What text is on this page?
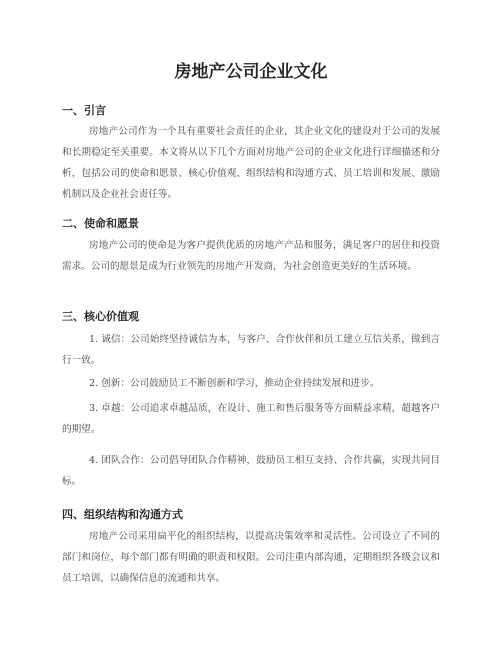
房地产公司企业文化
一、引言

房地产公司作为一个具有重要社会责任的企业，其企业文化的建设对于公司的发展和长期稳定至关重要。本文将从以下几个方面对房地产公司的企业文化进行详细描述和分析，包括公司的使命和愿景、核心价值观、组织结构和沟通方式、员工培训和发展、激励机制以及企业社会责任等。

二、使命和愿景

房地产公司的使命是为客户提供优质的房地产产品和服务，满足客户的居住和投资需求。公司的愿景是成为行业领先的房地产开发商，为社会创造更美好的生活环境。

三、核心价值观

1. 诚信：公司始终坚持诚信为本，与客户、合作伙伴和员工建立互信关系，做到言行一致。

2. 创新：公司鼓励员工不断创新和学习，推动企业持续发展和进步。

3. 卓越：公司追求卓越品质，在设计、施工和售后服务等方面精益求精，超越客户的期望。

4. 团队合作：公司倡导团队合作精神，鼓励员工相互支持、合作共赢，实现共同目标。

四、组织结构和沟通方式

房地产公司采用扁平化的组织结构，以提高决策效率和灵活性。公司设立了不同的部门和岗位，每个部门都有明确的职责和权限。公司注重内部沟通，定期组织各级会议和员工培训，以确保信息的流通和共享。
